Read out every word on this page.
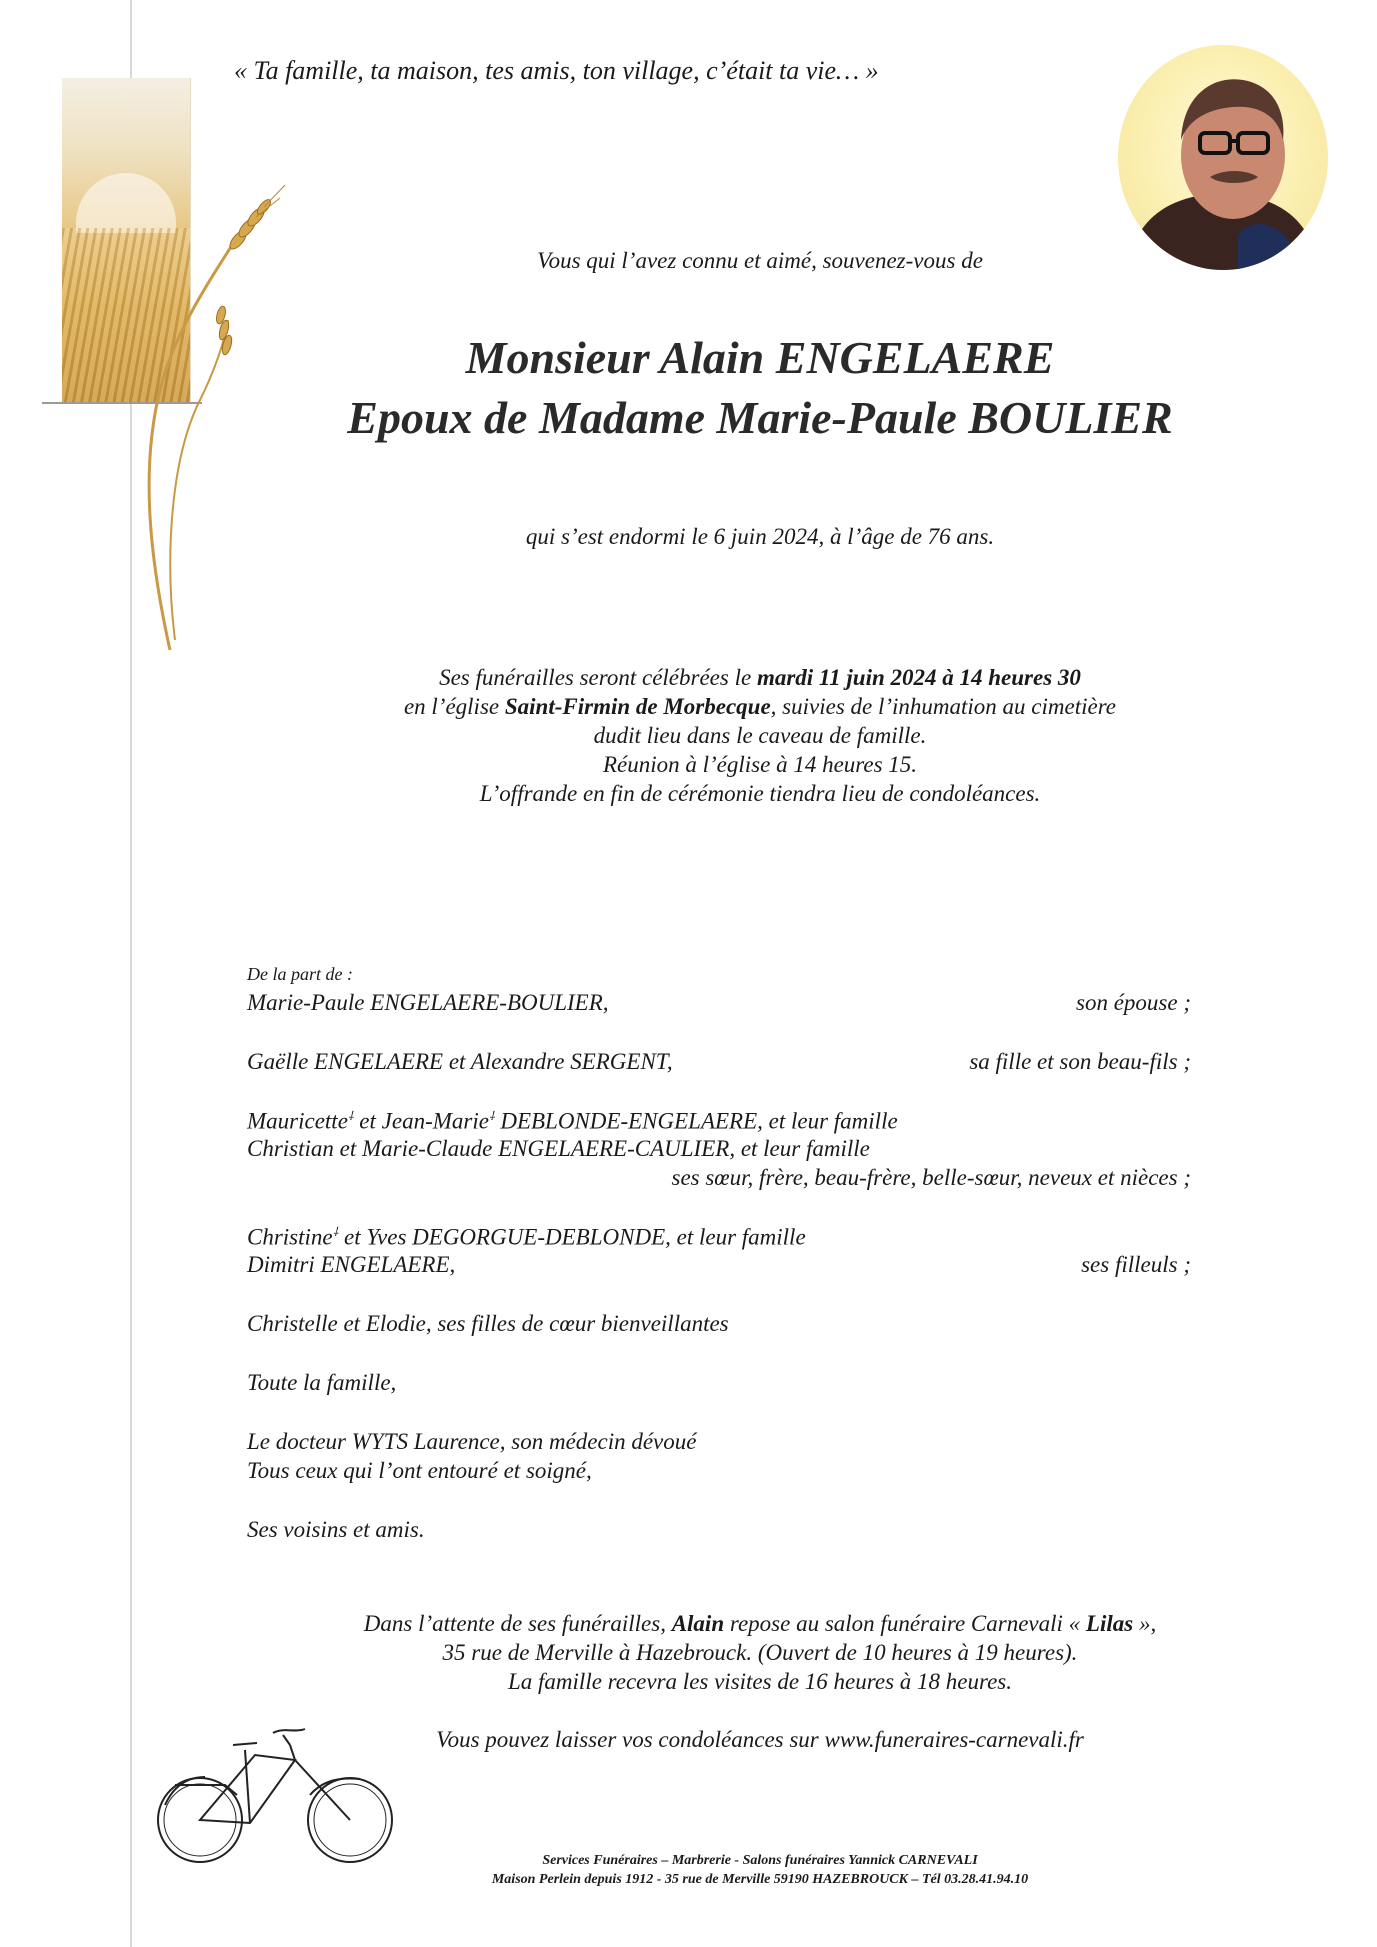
« Ta famille, ta maison, tes amis, ton village, c’était ta vie… »
Vous qui l’avez connu et aimé, souvenez-vous de
Monsieur Alain ENGELAERE
Epoux de Madame Marie-Paule BOULIER
qui s’est endormi le 6 juin 2024, à l’âge de 76 ans.
Ses funérailles seront célébrées le mardi 11 juin 2024 à 14 heures 30
en l’église Saint-Firmin de Morbecque, suivies de l’inhumation au cimetière
dudit lieu dans le caveau de famille.
Réunion à l’église à 14 heures 15.
L’offrande en fin de cérémonie tiendra lieu de condoléances.
De la part de :
Marie-Paule ENGELAERE-BOULIER,	son épouse ;
Gaëlle ENGELAERE et Alexandre SERGENT,	sa fille et son beau-fils ;
Mauricette⸸ et Jean-Marie⸸ DEBLONDE-ENGELAERE, et leur famille
Christian et Marie-Claude ENGELAERE-CAULIER, et leur famille
ses sœur, frère, beau-frère, belle-sœur, neveux et nièces ;
Christine⸸ et Yves DEGORGUE-DEBLONDE, et leur famille
Dimitri ENGELAERE,	ses filleuls ;
Christelle et Elodie, ses filles de cœur bienveillantes
Toute la famille,
Le docteur WYTS Laurence, son médecin dévoué
Tous ceux qui l’ont entouré et soigné,
Ses voisins et amis.
Dans l’attente de ses funérailles, Alain repose au salon funéraire Carnevali « Lilas »,
35 rue de Merville à Hazebrouck. (Ouvert de 10 heures à 19 heures).
La famille recevra les visites de 16 heures à 18 heures.
Vous pouvez laisser vos condoléances sur www.funeraires-carnevali.fr
Services Funéraires – Marbrerie - Salons funéraires Yannick CARNEVALI
Maison Perlein depuis 1912 - 35 rue de Merville 59190 HAZEBROUCK – Tél 03.28.41.94.10
